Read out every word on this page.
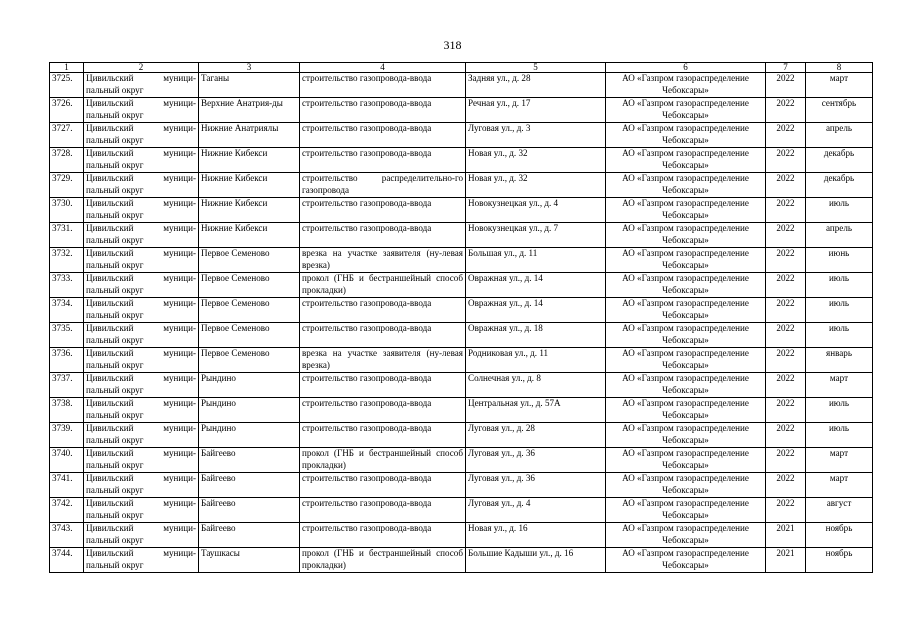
318
1	2	3	4	5	6	7	8
3725.	Цивильский муници-пальный округ	Таганы	строительство газопровода-ввода	Задняя ул., д. 28	АО «Газпром газораспределение Чебоксары»	2022	март
3726.	Цивильский муници-пальный округ	Верхние Анатрия-ды	строительство газопровода-ввода	Речная ул., д. 17	АО «Газпром газораспределение Чебоксары»	2022	сентябрь
3727.	Цивильский муници-пальный округ	Нижние Анатриялы	строительство газопровода-ввода	Луговая ул., д. 3	АО «Газпром газораспределение Чебоксары»	2022	апрель
3728.	Цивильский муници-пальный округ	Нижние Кибекси	строительство газопровода-ввода	Новая ул., д. 32	АО «Газпром газораспределение Чебоксары»	2022	декабрь
3729.	Цивильский муници-пальный округ	Нижние Кибекси	строительство распределительно-го газопровода	Новая ул., д. 32	АО «Газпром газораспределение Чебоксары»	2022	декабрь
3730.	Цивильский муници-пальный округ	Нижние Кибекси	строительство газопровода-ввода	Новокузнецкая ул., д. 4	АО «Газпром газораспределение Чебоксары»	2022	июль
3731.	Цивильский муници-пальный округ	Нижние Кибекси	строительство газопровода-ввода	Новокузнецкая ул., д. 7	АО «Газпром газораспределение Чебоксары»	2022	апрель
3732.	Цивильский муници-пальный округ	Первое Семеново	врезка на участке заявителя (ну-левая врезка)	Большая ул., д. 11	АО «Газпром газораспределение Чебоксары»	2022	июнь
3733.	Цивильский муници-пальный округ	Первое Семеново	прокол (ГНБ и бестраншейный способ прокладки)	Овражная ул., д. 14	АО «Газпром газораспределение Чебоксары»	2022	июль
3734.	Цивильский муници-пальный округ	Первое Семеново	строительство газопровода-ввода	Овражная ул., д. 14	АО «Газпром газораспределение Чебоксары»	2022	июль
3735.	Цивильский муници-пальный округ	Первое Семеново	строительство газопровода-ввода	Овражная ул., д. 18	АО «Газпром газораспределение Чебоксары»	2022	июль
3736.	Цивильский муници-пальный округ	Первое Семеново	врезка на участке заявителя (ну-левая врезка)	Родниковая ул., д. 11	АО «Газпром газораспределение Чебоксары»	2022	январь
3737.	Цивильский муници-пальный округ	Рындино	строительство газопровода-ввода	Солнечная ул., д. 8	АО «Газпром газораспределение Чебоксары»	2022	март
3738.	Цивильский муници-пальный округ	Рындино	строительство газопровода-ввода	Центральная ул., д. 57А	АО «Газпром газораспределение Чебоксары»	2022	июль
3739.	Цивильский муници-пальный округ	Рындино	строительство газопровода-ввода	Луговая ул., д. 28	АО «Газпром газораспределение Чебоксары»	2022	июль
3740.	Цивильский муници-пальный округ	Байгеево	прокол (ГНБ и бестраншейный способ прокладки)	Луговая ул., д. 36	АО «Газпром газораспределение Чебоксары»	2022	март
3741.	Цивильский муници-пальный округ	Байгеево	строительство газопровода-ввода	Луговая ул., д. 36	АО «Газпром газораспределение Чебоксары»	2022	март
3742.	Цивильский муници-пальный округ	Байгеево	строительство газопровода-ввода	Луговая ул., д. 4	АО «Газпром газораспределение Чебоксары»	2022	август
3743.	Цивильский муници-пальный округ	Байгеево	строительство газопровода-ввода	Новая ул., д. 16	АО «Газпром газораспределение Чебоксары»	2021	ноябрь
3744.	Цивильский муници-пальный округ	Таушкасы	прокол (ГНБ и бестраншейный способ прокладки)	Большие Кадыши ул., д. 16	АО «Газпром газораспределение Чебоксары»	2021	ноябрь
